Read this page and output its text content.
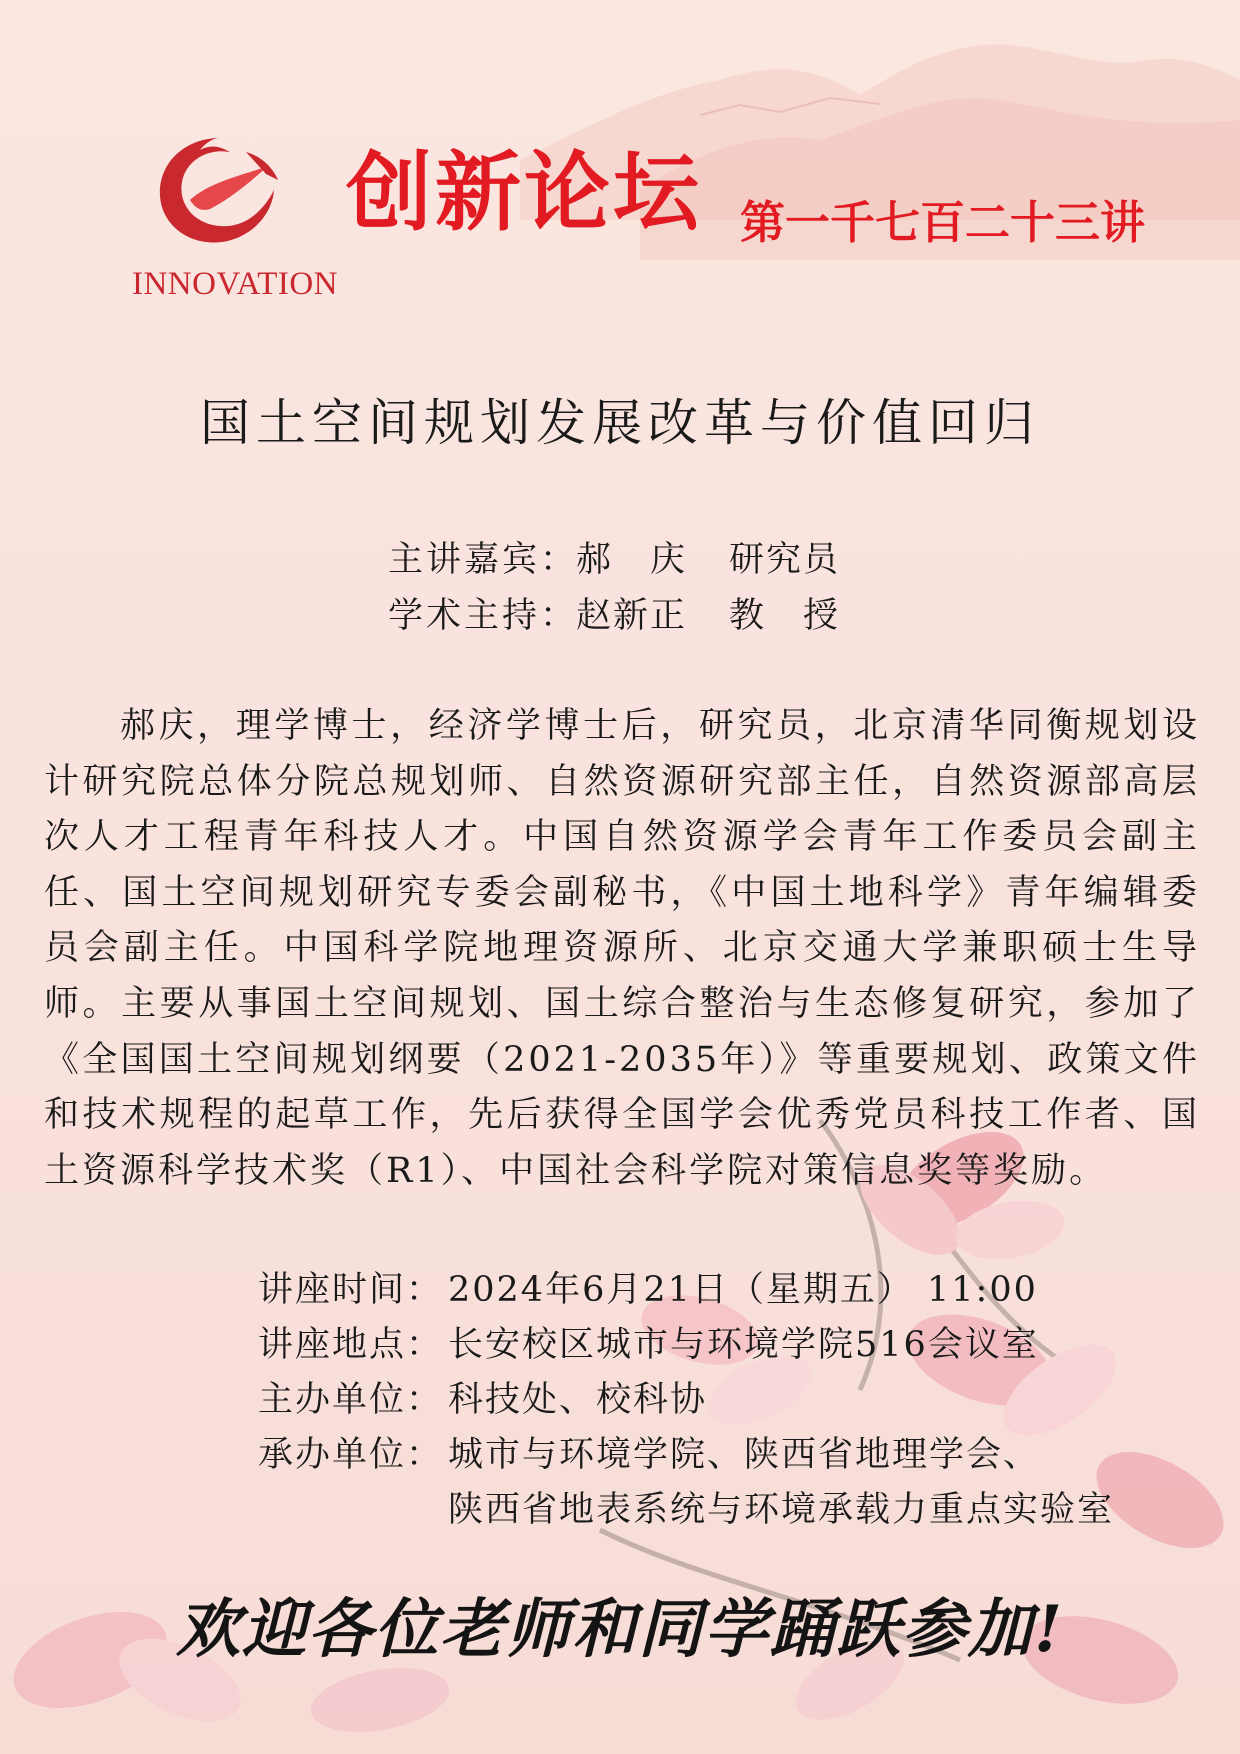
INNOVATION
创新论坛 第一千七百二十三讲
国土空间规划发展改革与价值回归
主讲嘉宾：
郝　庆 研究员
学术主持：
赵新正 教　授

郝庆，理学博士，经济学博士后，研究员，北京清华同衡规划设计研究院总体分院总规划师、自然资源研究部主任，自然资源部高层次人才工程青年科技人才。中国自然资源学会青年工作委员会副主任、国土空间规划研究专委会副秘书，《中国土地科学》青年编辑委员会副主任。中国科学院地理资源所、北京交通大学兼职硕士生导师。主要从事国土空间规划、国土综合整治与生态修复研究，参加了《全国国土空间规划纲要（2021-2035年）》等重要规划、政策文件和技术规程的起草工作，先后获得全国学会优秀党员科技工作者、国土资源科学技术奖（R1）、中国社会科学院对策信息奖等奖励。

讲座时间： 2024年6月21日（星期五） 11:00
讲座地点： 长安校区城市与环境学院516会议室
主办单位： 科技处、校科协
承办单位： 城市与环境学院、陕西省地理学会、
陕西省地表系统与环境承载力重点实验室
欢迎各位老师和同学踊跃参加!
